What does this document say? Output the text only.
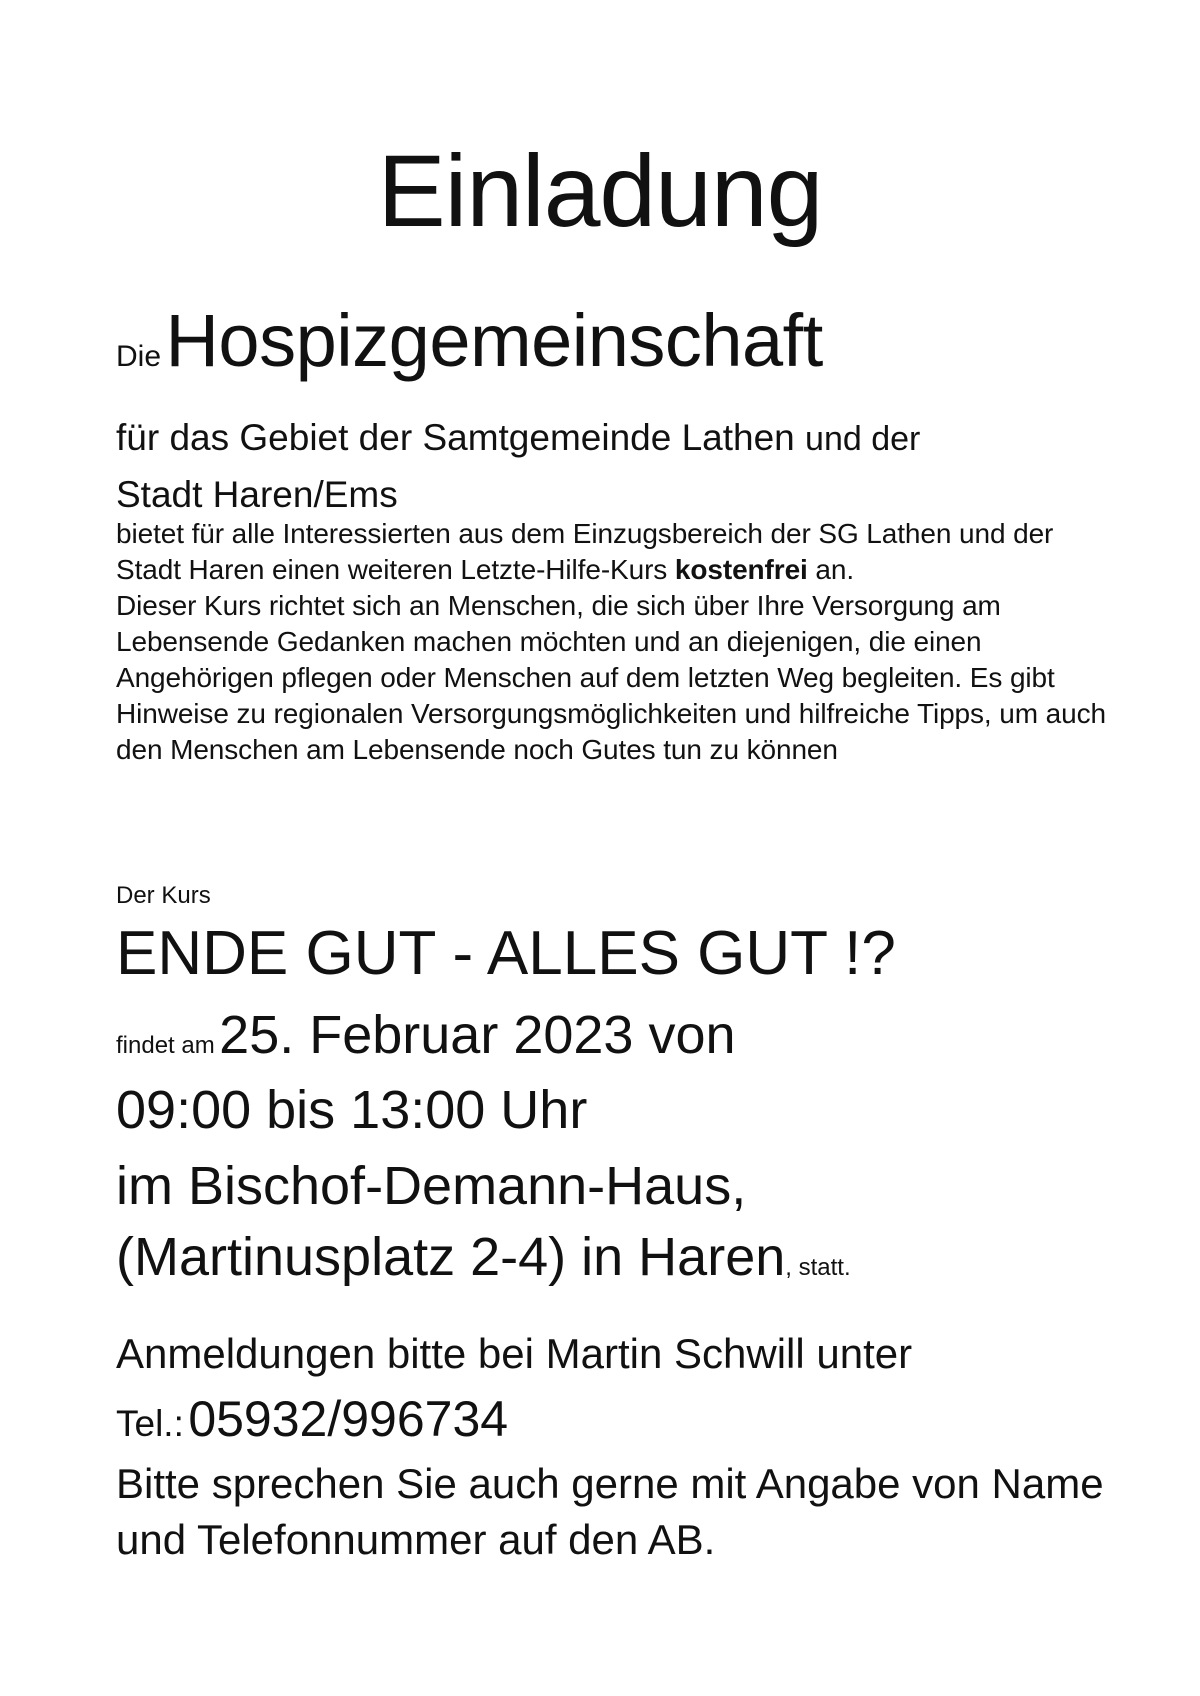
Einladung
Die Hospizgemeinschaft
für das Gebiet der Samtgemeinde Lathen und der
Stadt Haren/Ems
bietet für alle Interessierten aus dem Einzugsbereich der SG Lathen und der Stadt Haren einen weiteren Letzte-Hilfe-Kurs kostenfrei an.
Dieser Kurs richtet sich an Menschen, die sich über Ihre Versorgung am Lebensende Gedanken machen möchten und an diejenigen, die einen Angehörigen pflegen oder Menschen auf dem letzten Weg begleiten. Es gibt Hinweise zu regionalen Versorgungsmöglichkeiten und hilfreiche Tipps, um auch den Menschen am Lebensende noch Gutes tun zu können
Der Kurs
ENDE GUT - ALLES GUT !?
findet am 25. Februar 2023 von
09:00 bis 13:00 Uhr
im Bischof-Demann-Haus,
(Martinusplatz 2-4) in Haren, statt.
Anmeldungen bitte bei Martin Schwill unter
Tel.: 05932/996734
Bitte sprechen Sie auch gerne mit Angabe von Name und Telefonnummer auf den AB.
